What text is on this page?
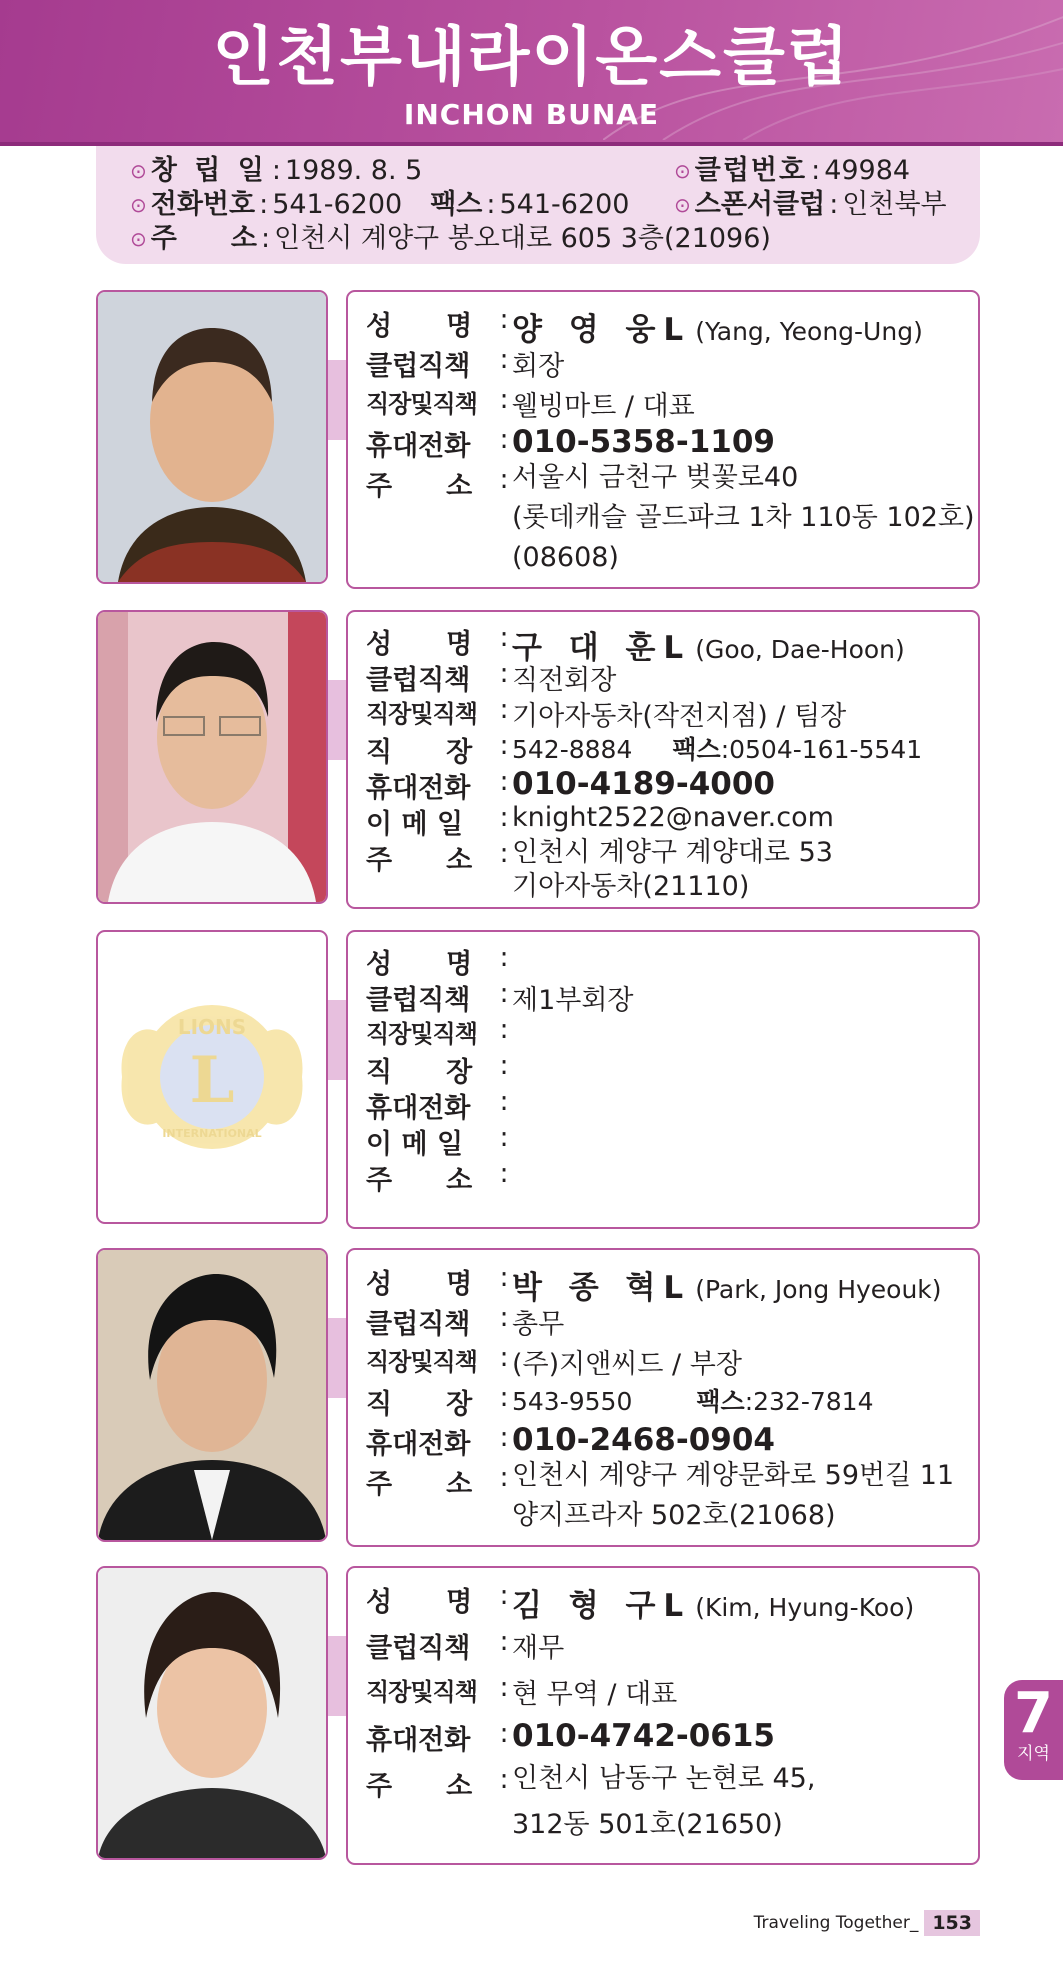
인천부내라이온스클럽
INCHON BUNAE
⊙ 창 립 일 : 1989. 8. 5	⊙ 클럽번호 : 49984
⊙ 전화번호 : 541-6200 팩스 : 541-6200 ⊙ 스폰서클럽 : 인천북부
⊙ 주　　소 : 인천시 계양구 봉오대로 605 3층(21096)
성　　명	: 양 영 웅L (Yang, Yeong-Ung)
클럽직책	: 회장
직장및직책 : 웰빙마트 / 대표
휴대전화	: 010-5358-1109
주　　소	: 서울시 금천구 벚꽃로40
(롯데캐슬 골드파크 1차 110동 102호)
(08608)
성　　명	: 구 대 훈L (Goo, Dae-Hoon)
클럽직책	: 직전회장
직장및직책 : 기아자동차(작전지점) / 팀장
직　　장	: 542-8884 팩스:0504-161-5541
휴대전화	: 010-4189-4000
이 메 일	: knight2522@naver.com
주　　소	: 인천시 계양구 계양대로 53
기아자동차(21110)
LIONS
L
INTERNATIONAL
성　　명	:
클럽직책	: 제1부회장
직장및직책 :
직　　장	:
휴대전화	:
이 메 일	:
주　　소	:
성　　명	: 박 종 혁L (Park, Jong Hyeouk)
클럽직책	: 총무
직장및직책 : (주)지앤씨드 / 부장
직　　장	: 543-9550	팩스:232-7814
휴대전화	: 010-2468-0904
주　　소	: 인천시 계양구 계양문화로 59번길 11
양지프라자 502호(21068)
성　　명	: 김 형 구L (Kim, Hyung-Koo)
클럽직책	: 재무
직장및직책 : 현 무역 / 대표
휴대전화	: 010-4742-0615
주　　소	: 인천시 남동구 논현로 45,
312동 501호(21650)
7
지역
Traveling Together_ 153
